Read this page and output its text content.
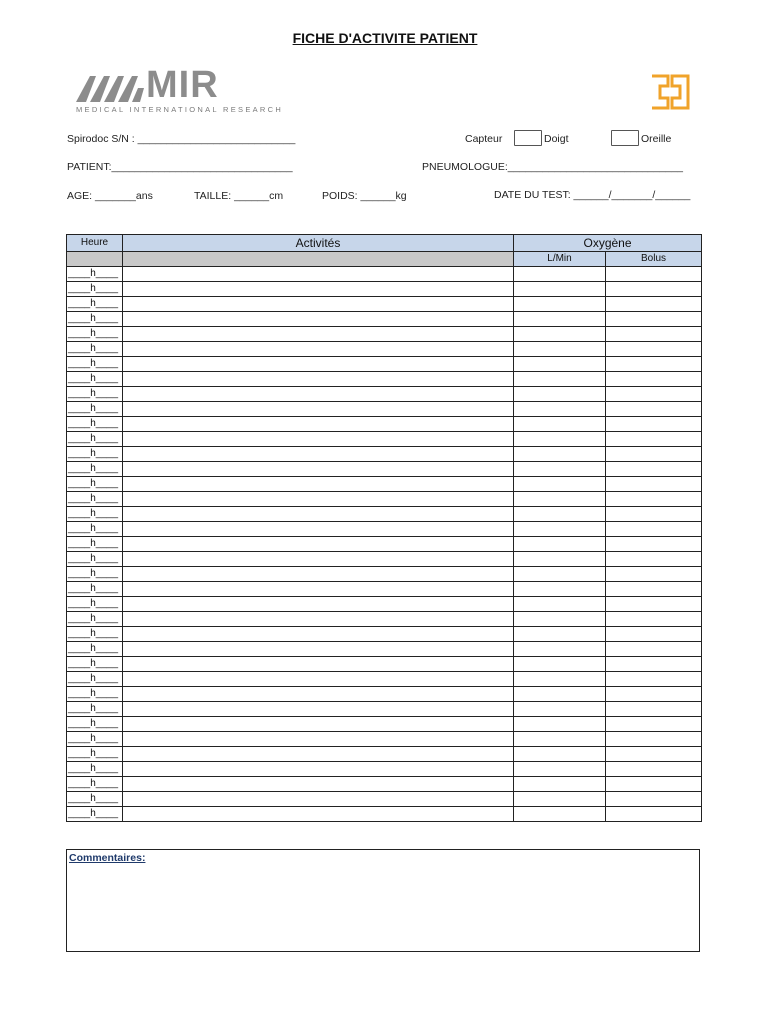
FICHE D'ACTIVITE PATIENT
MIR
MEDICAL INTERNATIONAL RESEARCH
Spirodoc S/N : ___________________________	Capteur	Doigt	Oreille
PATIENT:_______________________________	PNEUMOLOGUE:______________________________
AGE: _______ans	TAILLE: ______cm	POIDS: ______kg	DATE DU TEST: ______/_______/______
Heure	Activités	Oxygène	
		L/Min	Bolus
____h____			
____h____			
____h____			
____h____			
____h____			
____h____			
____h____			
____h____			
____h____			
____h____			
____h____			
____h____			
____h____			
____h____			
____h____			
____h____			
____h____			
____h____			
____h____			
____h____			
____h____			
____h____			
____h____			
____h____			
____h____			
____h____			
____h____			
____h____			
____h____			
____h____			
____h____			
____h____			
____h____			
____h____			
____h____			
____h____			
____h____			
Commentaires:
